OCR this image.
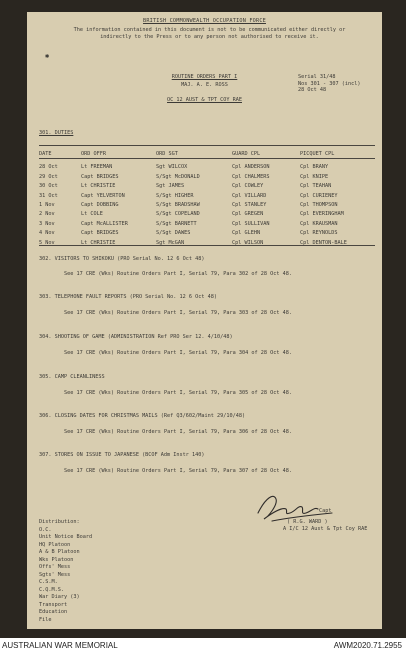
BRITISH COMMONWEALTH OCCUPATION FORCE
The information contained in this document is not to be communicated either directly or indirectly to the Press or to any person not authorised to receive it.
✱
ROUTINE ORDERS PART I
MAJ. A. E. ROSS
OC 12 AUST & TPT COY RAE
Serial 31/48
Nos 301 - 307 (incl)
28 Oct 48
301. DUTIES
DATE	ORD OFFR	ORD SGT	GUARD CPL	PICQUET CPL

28 Oct	Lt FREEMAN	Sgt WILCOX	Cpl ANDERSON	Cpl BRANY
29 Oct	Capt BRIDGES	S/Sgt McDONALD	Cpl CHALMERS	Cpl KNIPE
30 Oct	Lt CHRISTIE	Sgt JAMES	Cpl COWLEY	Cpl TEAHAN
31 Oct	Capt YELVERTON	S/Sgt HIGHER	Cpl VILLARD	Cpl CURIENEY
1 Nov	Capt DOBBING	S/Sgt BRADSHAW	Cpl STANLEY	Cpl THOMPSON
2 Nov	Lt COLE	S/Sgt COPELAND	Cpl GREGEN	Cpl EVERINGHAM
3 Nov	Capt McALLISTER	S/Sgt BARNETT	Cpl SULLIVAN	Cpl KRAUSMAN
4 Nov	Capt BRIDGES	S/Sgt DAWES	Cpl GLEHN	Cpl REYNOLDS
5 Nov	Lt CHRISTIE	Sgt McGAN	Cpl WILSON	Cpl DENTON-BALE
302. VISITORS TO SHIKOKU (PRO Serial No. 12 6 Oct 48)
See 17 CRE (Wks) Routine Orders Part I, Serial 79, Para 302 of 28 Oct 48.
303. TELEPHONE FAULT REPORTS (PRO Serial No. 12 6 Oct 48)
See 17 CRE (Wks) Routine Orders Part I, Serial 79, Para 303 of 28 Oct 48.
304. SHOOTING OF GAME (ADMINISTRATION Ref PRO Ser 12. 4/10/48)
See 17 CRE (Wks) Routine Orders Part I, Serial 79, Para 304 of 28 Oct 48.
305. CAMP CLEANLINESS
See 17 CRE (Wks) Routine Orders Part I, Serial 79, Para 305 of 28 Oct 48.
306. CLOSING DATES FOR CHRISTMAS MAILS (Ref Q3/602/Maint 29/10/48)
See 17 CRE (Wks) Routine Orders Part I, Serial 79, Para 306 of 28 Oct 48.
307. STORES ON ISSUE TO JAPANESE (BCOF Adm Instr 140)
See 17 CRE (Wks) Routine Orders Part I, Serial 79, Para 307 of 28 Oct 48.
Capt
( R.G. WARD )
A I/C 12 Aust & Tpt Coy RAE
Distribution:
O.C.
Unit Notice Board
HQ Platoon
A & B Platoon
Wks Platoon
Offs' Mess
Sgts' Mess
C.S.M.
C.Q.M.S.
War Diary (3)
Transport
Education
File
AUSTRALIAN WAR MEMORIAL	AWM2020.71.2955
